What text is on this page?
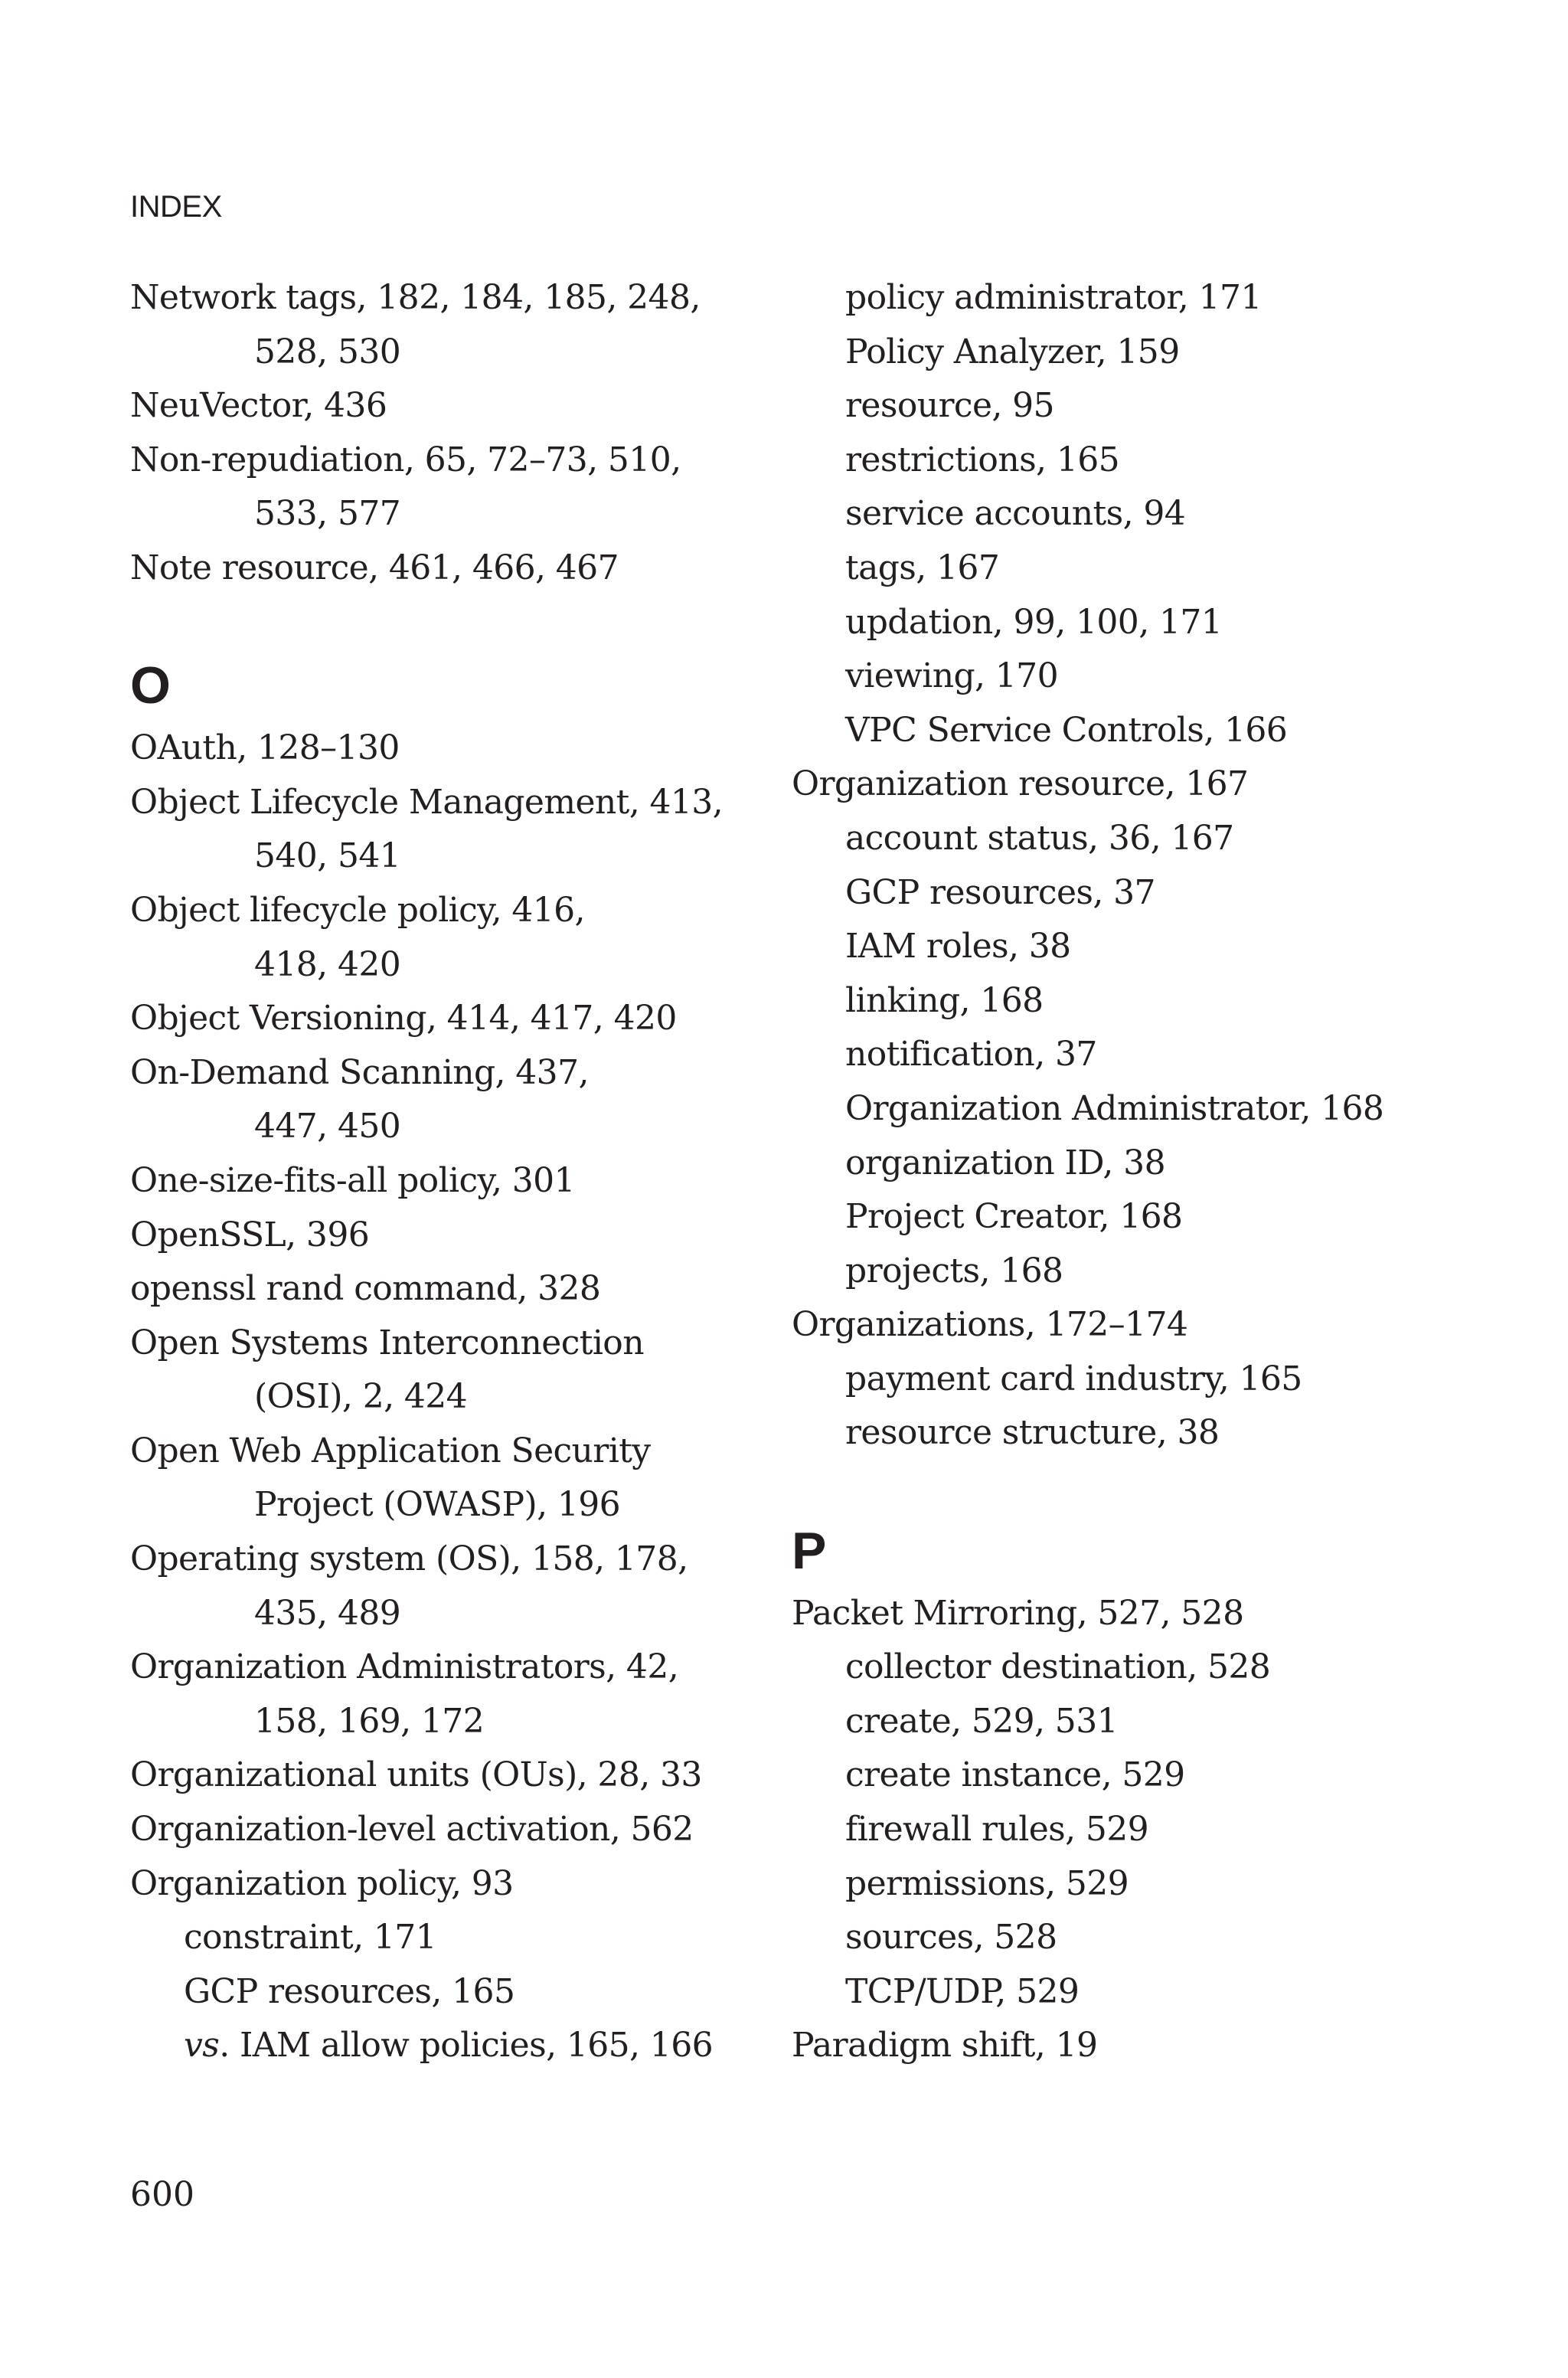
INDEX
Network tags, 182, 184, 185, 248,
528, 530
NeuVector, 436
Non-repudiation, 65, 72–73, 510,
533, 577
Note resource, 461, 466, 467
O
OAuth, 128–130
Object Lifecycle Management, 413,
540, 541
Object lifecycle policy, 416,
418, 420
Object Versioning, 414, 417, 420
On-Demand Scanning, 437,
447, 450
One-size-fits-all policy, 301
OpenSSL, 396
openssl rand command, 328
Open Systems Interconnection
(OSI), 2, 424
Open Web Application Security
Project (OWASP), 196
Operating system (OS), 158, 178,
435, 489
Organization Administrators, 42,
158, 169, 172
Organizational units (OUs), 28, 33
Organization-level activation, 562
Organization policy, 93
constraint, 171
GCP resources, 165
vs. IAM allow policies, 165, 166
policy administrator, 171
Policy Analyzer, 159
resource, 95
restrictions, 165
service accounts, 94
tags, 167
updation, 99, 100, 171
viewing, 170
VPC Service Controls, 166
Organization resource, 167
account status, 36, 167
GCP resources, 37
IAM roles, 38
linking, 168
notification, 37
Organization Administrator, 168
organization ID, 38
Project Creator, 168
projects, 168
Organizations, 172–174
payment card industry, 165
resource structure, 38
P
Packet Mirroring, 527, 528
collector destination, 528
create, 529, 531
create instance, 529
firewall rules, 529
permissions, 529
sources, 528
TCP/UDP, 529
Paradigm shift, 19
600
